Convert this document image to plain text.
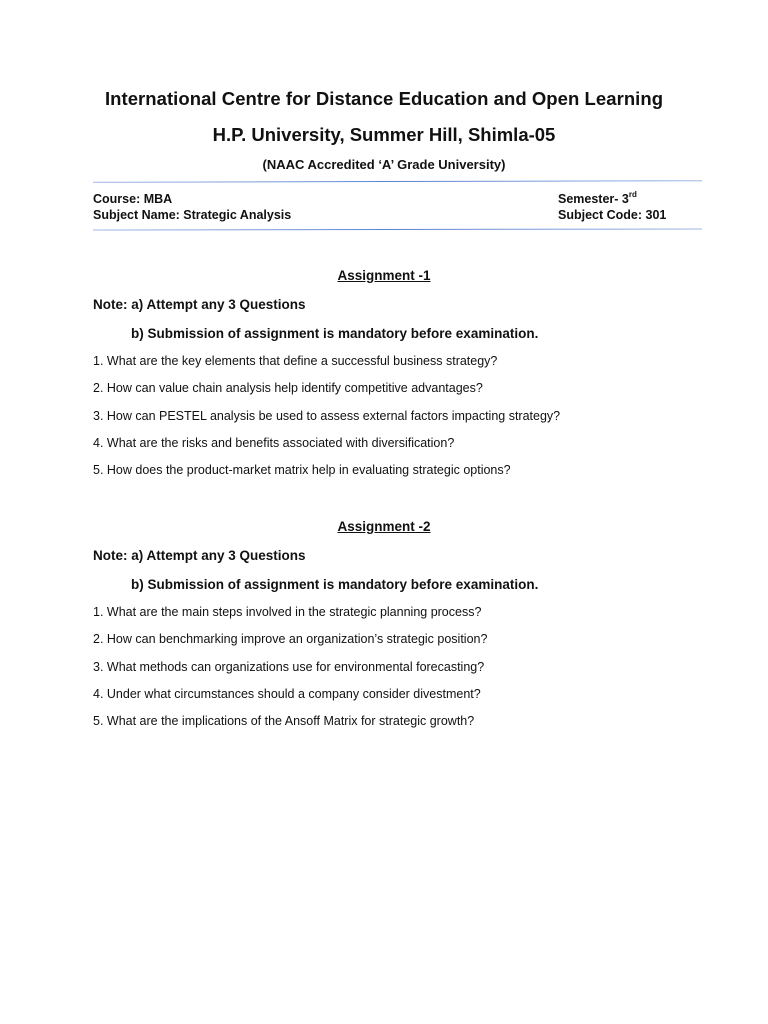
International Centre for Distance Education and Open Learning
H.P. University, Summer Hill, Shimla-05
(NAAC Accredited ‘A’ Grade University)
Course: MBA
Subject Name: Strategic Analysis
Semester- 3rd
Subject Code: 301
Assignment -1
Note: a) Attempt any 3 Questions
b) Submission of assignment is mandatory before examination.
1. What are the key elements that define a successful business strategy?
2. How can value chain analysis help identify competitive advantages?
3. How can PESTEL analysis be used to assess external factors impacting strategy?
4. What are the risks and benefits associated with diversification?
5. How does the product-market matrix help in evaluating strategic options?
Assignment -2
Note: a) Attempt any 3 Questions
b) Submission of assignment is mandatory before examination.
1. What are the main steps involved in the strategic planning process?
2. How can benchmarking improve an organization’s strategic position?
3. What methods can organizations use for environmental forecasting?
4. Under what circumstances should a company consider divestment?
5. What are the implications of the Ansoff Matrix for strategic growth?
